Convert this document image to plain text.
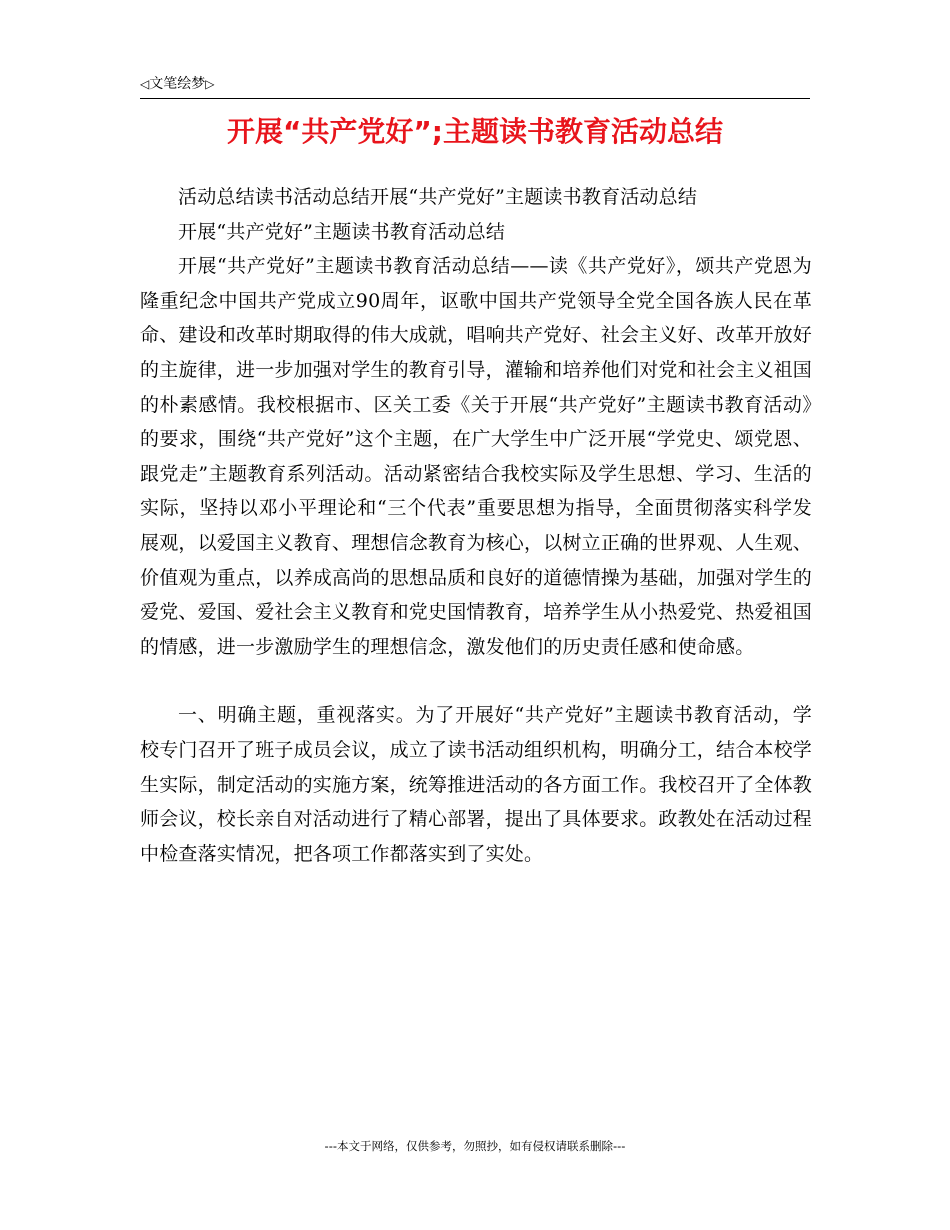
◁文笔绘梦▷
开展“共产党好”;主题读书教育活动总结

活动总结读书活动总结开展“共产党好”主题读书教育活动总结

开展“共产党好”主题读书教育活动总结

开展“共产党好”主题读书教育活动总结——读《共产党好》，颂共产党恩为隆重纪念中国共产党成立90周年，讴歌中国共产党领导全党全国各族人民在革命、建设和改革时期取得的伟大成就，唱响共产党好、社会主义好、改革开放好的主旋律，进一步加强对学生的教育引导，灌输和培养他们对党和社会主义祖国的朴素感情。我校根据市、区关工委《关于开展“共产党好”主题读书教育活动》的要求，围绕“共产党好”这个主题，在广大学生中广泛开展“学党史、颂党恩、跟党走”主题教育系列活动。活动紧密结合我校实际及学生思想、学习、生活的实际，坚持以邓小平理论和“三个代表”重要思想为指导，全面贯彻落实科学发展观，以爱国主义教育、理想信念教育为核心，以树立正确的世界观、人生观、价值观为重点，以养成高尚的思想品质和良好的道德情操为基础，加强对学生的爱党、爱国、爱社会主义教育和党史国情教育，培养学生从小热爱党、热爱祖国的情感，进一步激励学生的理想信念，激发他们的历史责任感和使命感。

一、明确主题，重视落实。为了开展好“共产党好”主题读书教育活动，学校专门召开了班子成员会议，成立了读书活动组织机构，明确分工，结合本校学生实际，制定活动的实施方案，统筹推进活动的各方面工作。我校召开了全体教师会议，校长亲自对活动进行了精心部署，提出了具体要求。政教处在活动过程中检查落实情况，把各项工作都落实到了实处。

---本文于网络，仅供参考，勿照抄，如有侵权请联系删除---
